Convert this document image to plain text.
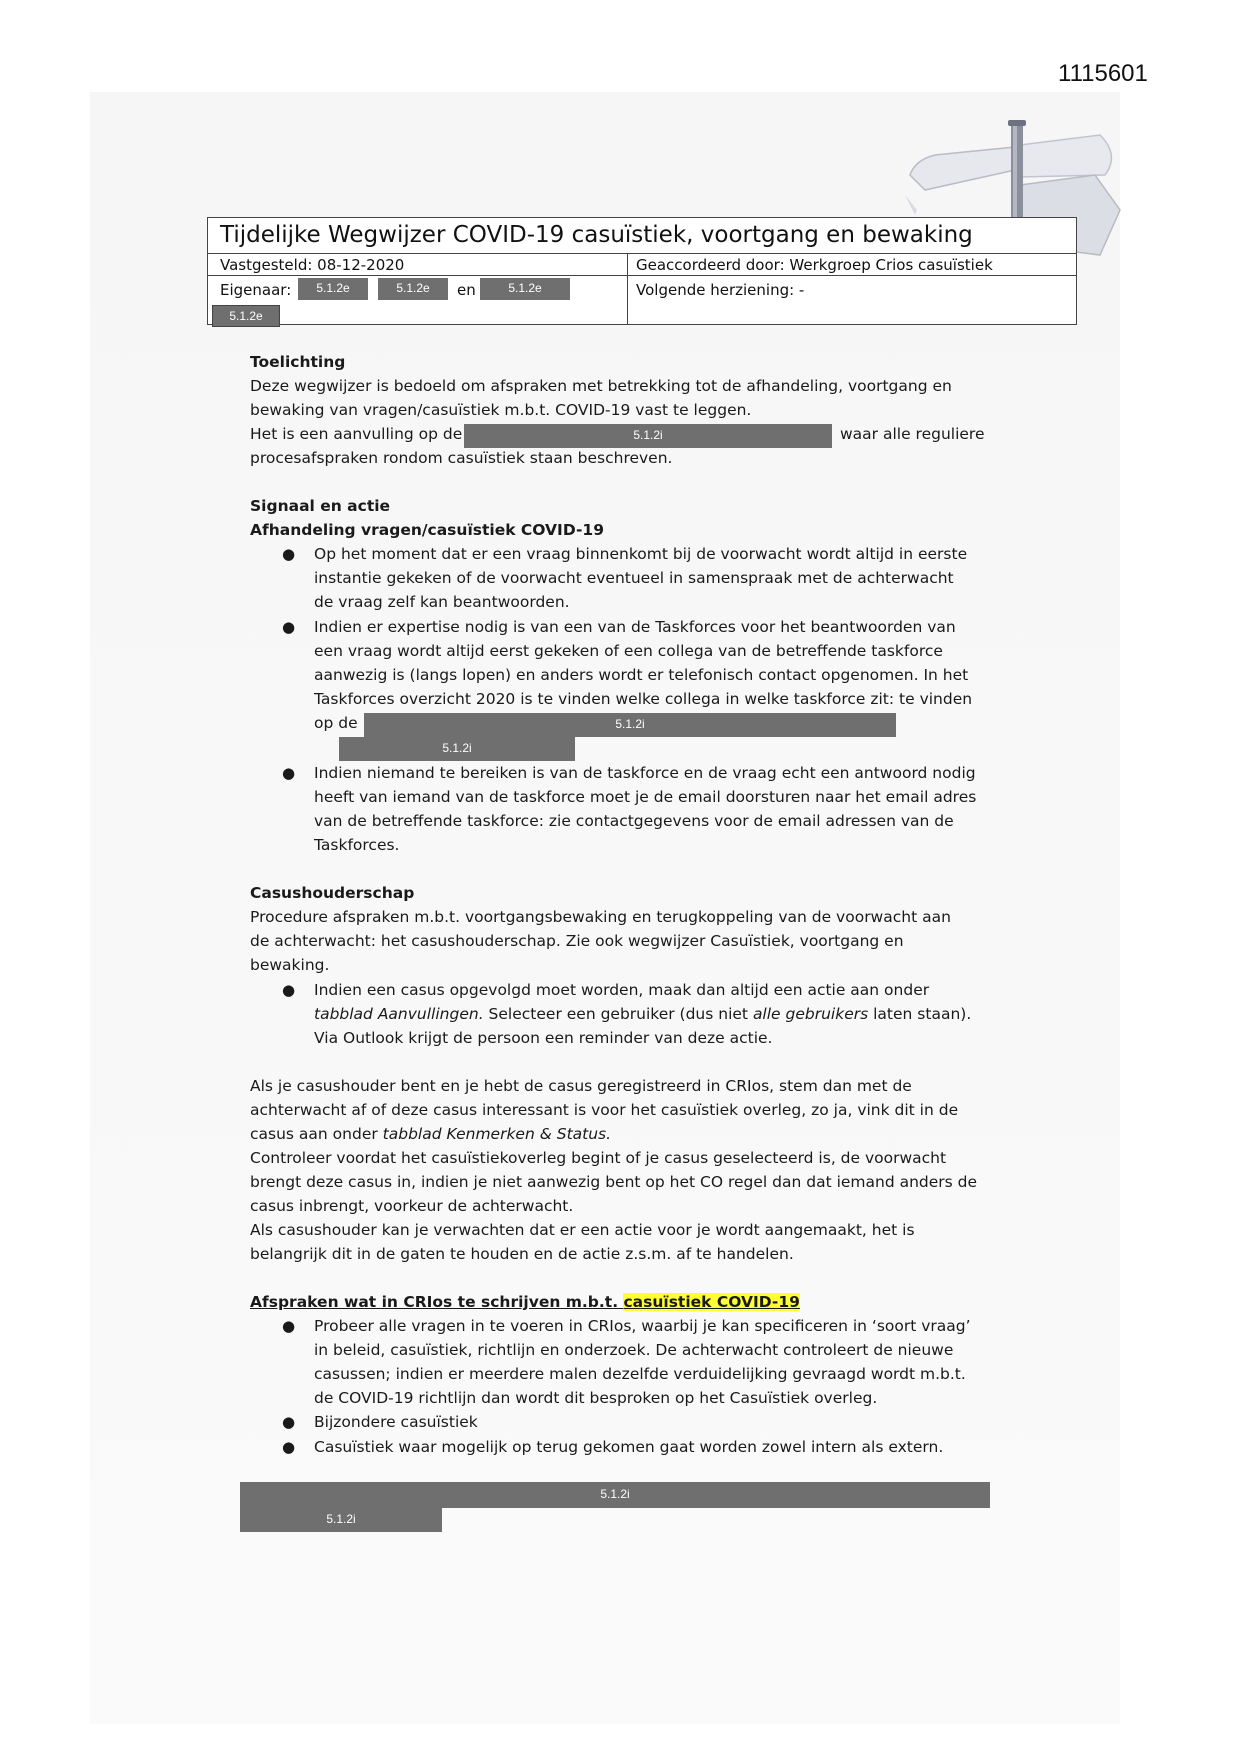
1115601
Tijdelijke Wegwijzer COVID-19 casuïstiek, voortgang en bewaking
Vastgesteld: 08-12-2020	Geaccordeerd door: Werkgroep Crios casuïstiek
Eigenaar:	5.1.2e	5.1.2e	en	5.1.2e	Volgende herziening: -
5.1.2e
Toelichting
Deze wegwijzer is bedoeld om afspraken met betrekking tot de afhandeling, voortgang en
bewaking van vragen/casuïstiek m.b.t. COVID-19 vast te leggen.
Het is een aanvulling op de	5.1.2i	waar alle reguliere
procesafspraken rondom casuïstiek staan beschreven.
Signaal en actie
Afhandeling vragen/casuïstiek COVID-19
● Op het moment dat er een vraag binnenkomt bij de voorwacht wordt altijd in eerste
instantie gekeken of de voorwacht eventueel in samenspraak met de achterwacht
de vraag zelf kan beantwoorden.
● Indien er expertise nodig is van een van de Taskforces voor het beantwoorden van
een vraag wordt altijd eerst gekeken of een collega van de betreffende taskforce
aanwezig is (langs lopen) en anders wordt er telefonisch contact opgenomen. In het
Taskforces overzicht 2020 is te vinden welke collega in welke taskforce zit: te vinden
op de	5.1.2i
5.1.2i
● Indien niemand te bereiken is van de taskforce en de vraag echt een antwoord nodig
heeft van iemand van de taskforce moet je de email doorsturen naar het email adres
van de betreffende taskforce: zie contactgegevens voor de email adressen van de
Taskforces.
Casushouderschap
Procedure afspraken m.b.t. voortgangsbewaking en terugkoppeling van de voorwacht aan
de achterwacht: het casushouderschap. Zie ook wegwijzer Casuïstiek, voortgang en
bewaking.
● Indien een casus opgevolgd moet worden, maak dan altijd een actie aan onder
tabblad Aanvullingen. Selecteer een gebruiker (dus niet alle gebruikers laten staan).
Via Outlook krijgt de persoon een reminder van deze actie.
Als je casushouder bent en je hebt de casus geregistreerd in CRIos, stem dan met de
achterwacht af of deze casus interessant is voor het casuïstiek overleg, zo ja, vink dit in de
casus aan onder tabblad Kenmerken & Status.
Controleer voordat het casuïstiekoverleg begint of je casus geselecteerd is, de voorwacht
brengt deze casus in, indien je niet aanwezig bent op het CO regel dan dat iemand anders de
casus inbrengt, voorkeur de achterwacht.
Als casushouder kan je verwachten dat er een actie voor je wordt aangemaakt, het is
belangrijk dit in de gaten te houden en de actie z.s.m. af te handelen.
Afspraken wat in CRIos te schrijven m.b.t. casuïstiek COVID-19
● Probeer alle vragen in te voeren in CRIos, waarbij je kan specificeren in ‘soort vraag’
in beleid, casuïstiek, richtlijn en onderzoek. De achterwacht controleert de nieuwe
casussen; indien er meerdere malen dezelfde verduidelijking gevraagd wordt m.b.t.
de COVID-19 richtlijn dan wordt dit besproken op het Casuïstiek overleg.
● Bijzondere casuïstiek
● Casuïstiek waar mogelijk op terug gekomen gaat worden zowel intern als extern.
5.1.2i
5.1.2i
